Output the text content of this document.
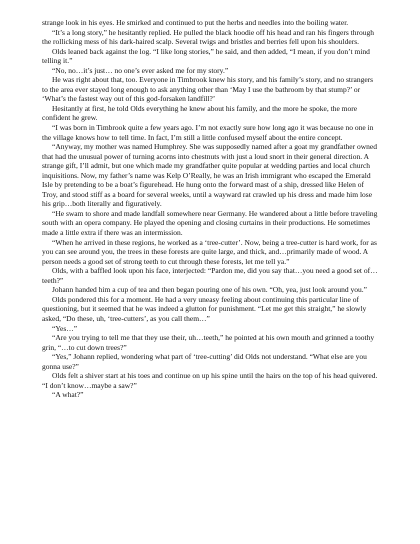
strange look in his eyes. He smirked and continued to put the herbs and needles into the boiling water.

“It’s a long story,” he hesitantly replied. He pulled the black hoodie off his head and ran his fingers through the rollicking mess of his dark-haired scalp. Several twigs and bristles and berries fell upon his shoulders.

Olds leaned back against the log. “I like long stories,” he said, and then added, “I mean, if you don’t mind telling it.”

“No, no…it’s just… no one’s ever asked me for my story.”

He was right about that, too. Everyone in Timbrook knew his story, and his family’s story, and no strangers to the area ever stayed long enough to ask anything other than ‘May I use the bathroom by that stump?’ or ‘What’s the fastest way out of this god-forsaken landfill?’

Hesitantly at first, he told Olds everything he knew about his family, and the more he spoke, the more confident he grew.

“I was born in Timbrook quite a few years ago. I’m not exactly sure how long ago it was because no one in the village knows how to tell time. In fact, I’m still a little confused myself about the entire concept.

“Anyway, my mother was named Humphrey. She was supposedly named after a goat my grandfather owned that had the unusual power of turning acorns into chestnuts with just a loud snort in their general direction. A strange gift, I’ll admit, but one which made my grandfather quite popular at wedding parties and local church inquisitions. Now, my father’s name was Kelp O’Really, he was an Irish immigrant who escaped the Emerald Isle by pretending to be a boat’s figurehead. He hung onto the forward mast of a ship, dressed like Helen of Troy, and stood stiff as a board for several weeks, until a wayward rat crawled up his dress and made him lose his grip…both literally and figuratively.

“He swam to shore and made landfall somewhere near Germany. He wandered about a little before traveling south with an opera company. He played the opening and closing curtains in their productions. He sometimes made a little extra if there was an intermission.

“When he arrived in these regions, he worked as a ‘tree-cutter’. Now, being a tree-cutter is hard work, for as you can see around you, the trees in these forests are quite large, and thick, and…primarily made of wood. A person needs a good set of strong teeth to cut through these forests, let me tell ya.”

Olds, with a baffled look upon his face, interjected: “Pardon me, did you say that…you need a good set of…teeth?”

Johann handed him a cup of tea and then began pouring one of his own. “Oh, yea, just look around you.”

Olds pondered this for a moment. He had a very uneasy feeling about continuing this particular line of questioning, but it seemed that he was indeed a glutton for punishment. “Let me get this straight,” he slowly asked, “Do these, uh, ‘tree-cutters’, as you call them…”

“Yes…”

“Are you trying to tell me that they use their, uh…teeth,” he pointed at his own mouth and grinned a toothy grin, “…to cut down trees?”

“Yes,” Johann replied, wondering what part of ‘tree-cutting’ did Olds not understand. “What else are you gonna use?”

Olds felt a shiver start at his toes and continue on up his spine until the hairs on the top of his head quivered. “I don’t know…maybe a saw?”

“A what?”
